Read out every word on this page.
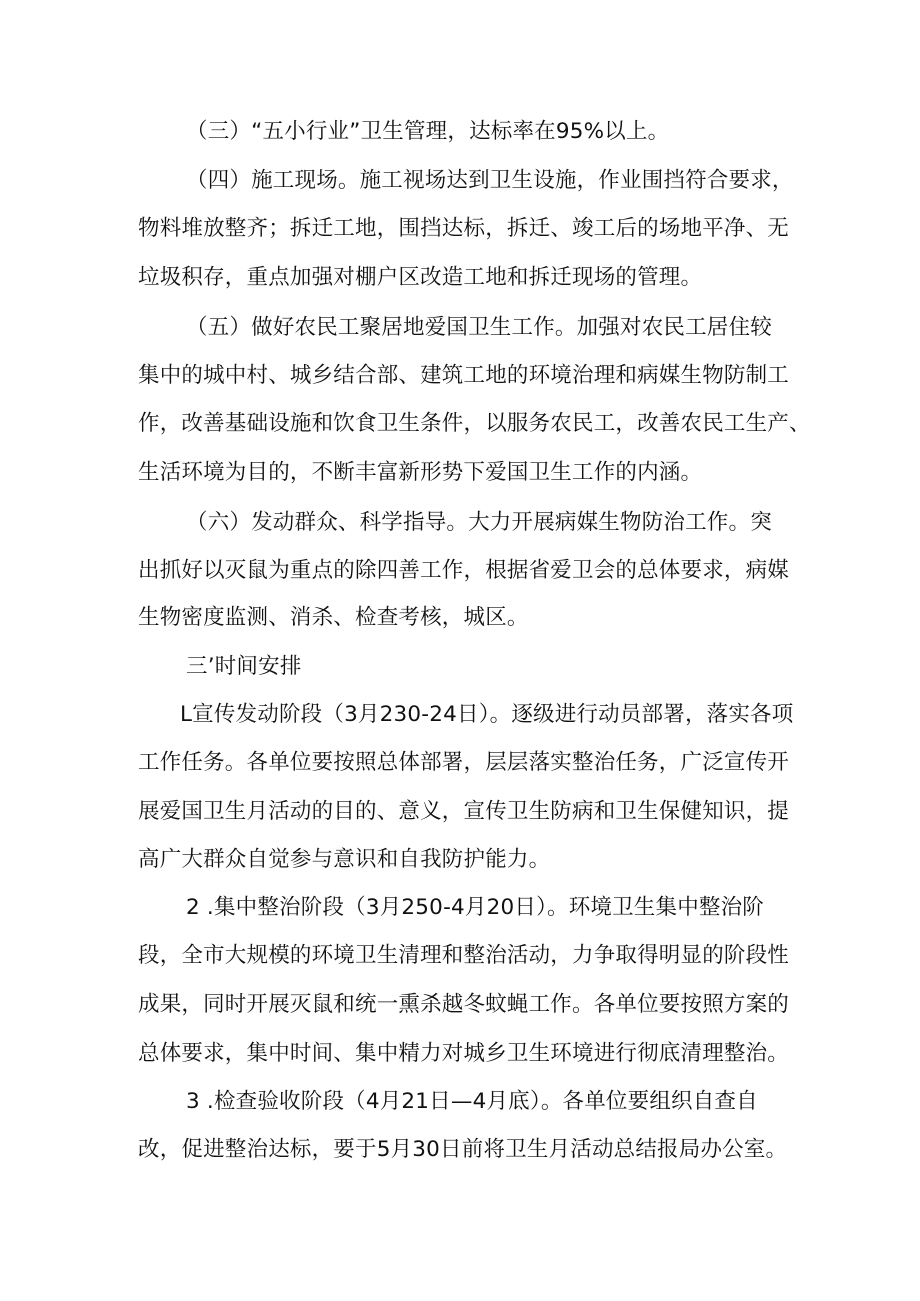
（三）“五小行业”卫生管理，达标率在95%以上。
（四）施工现场。施工视场达到卫生设施，作业围挡符合要求，
物料堆放整齐；拆迁工地，围挡达标，拆迁、竣工后的场地平净、无
垃圾积存，重点加强对棚户区改造工地和拆迁现场的管理。
（五）做好农民工聚居地爱国卫生工作。加强对农民工居住较
集中的城中村、城乡结合部、建筑工地的环境治理和病媒生物防制工
作，改善基础设施和饮食卫生条件，以服务农民工，改善农民工生产、
生活环境为目的，不断丰富新形势下爱国卫生工作的内涵。
（六）发动群众、科学指导。大力开展病媒生物防治工作。突
出抓好以灭鼠为重点的除四善工作，根据省爱卫会的总体要求，病媒
生物密度监测、消杀、检查考核，城区。
三’时间安排
L宣传发动阶段（3月230-24日）。逐级进行动员部署，落实各项
工作任务。各单位要按照总体部署，层层落实整治任务，广泛宣传开
展爱国卫生月活动的目的、意义，宣传卫生防病和卫生保健知识，提
高广大群众自觉参与意识和自我防护能力。
2 .集中整治阶段（3月250-4月20日）。环境卫生集中整治阶
段，全市大规模的环境卫生清理和整治活动，力争取得明显的阶段性
成果，同时开展灭鼠和统一熏杀越冬蚊蝇工作。各单位要按照方案的
总体要求，集中时间、集中精力对城乡卫生环境进行彻底清理整治。
3 .检查验收阶段（4月21日—4月底）。各单位要组织自查自
改，促进整治达标，要于5月30日前将卫生月活动总结报局办公室。
